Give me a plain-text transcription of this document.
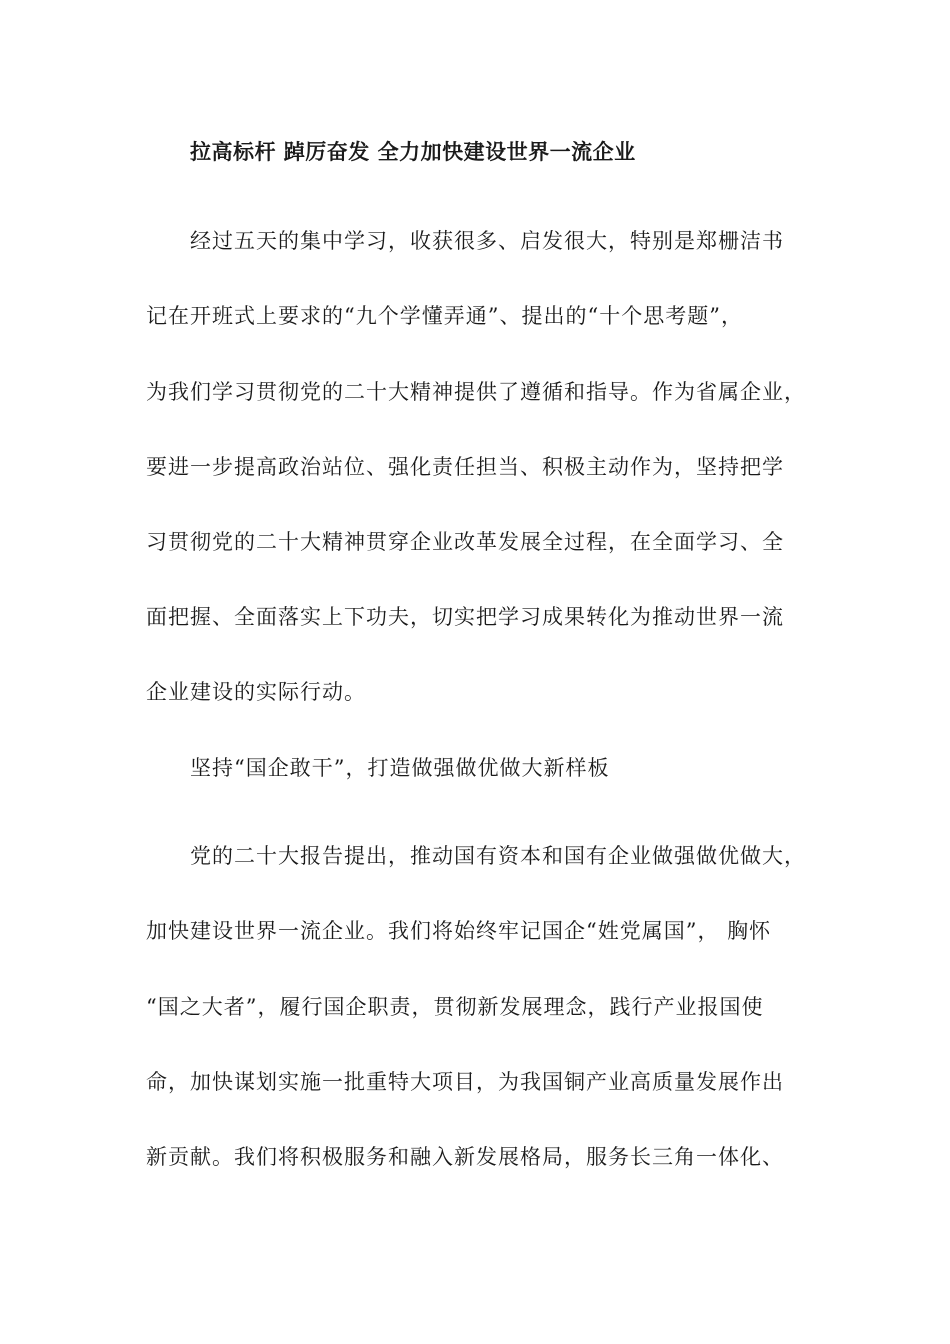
拉高标杆 踔厉奋发 全力加快建设世界一流企业
经过五天的集中学习，收获很多、启发很大，特别是郑栅洁书
记在开班式上要求的“九个学懂弄通”、提出的“十个思考题”，
为我们学习贯彻党的二十大精神提供了遵循和指导。作为省属企业，
要进一步提高政治站位、强化责任担当、积极主动作为，坚持把学
习贯彻党的二十大精神贯穿企业改革发展全过程，在全面学习、全
面把握、全面落实上下功夫，切实把学习成果转化为推动世界一流
企业建设的实际行动。
坚持“国企敢干”，打造做强做优做大新样板
党的二十大报告提出，推动国有资本和国有企业做强做优做大，
加快建设世界一流企业。我们将始终牢记国企“姓党属国”， 胸怀
“国之大者”，履行国企职责，贯彻新发展理念，践行产业报国使
命，加快谋划实施一批重特大项目，为我国铜产业高质量发展作出
新贡献。我们将积极服务和融入新发展格局，服务长三角一体化、
